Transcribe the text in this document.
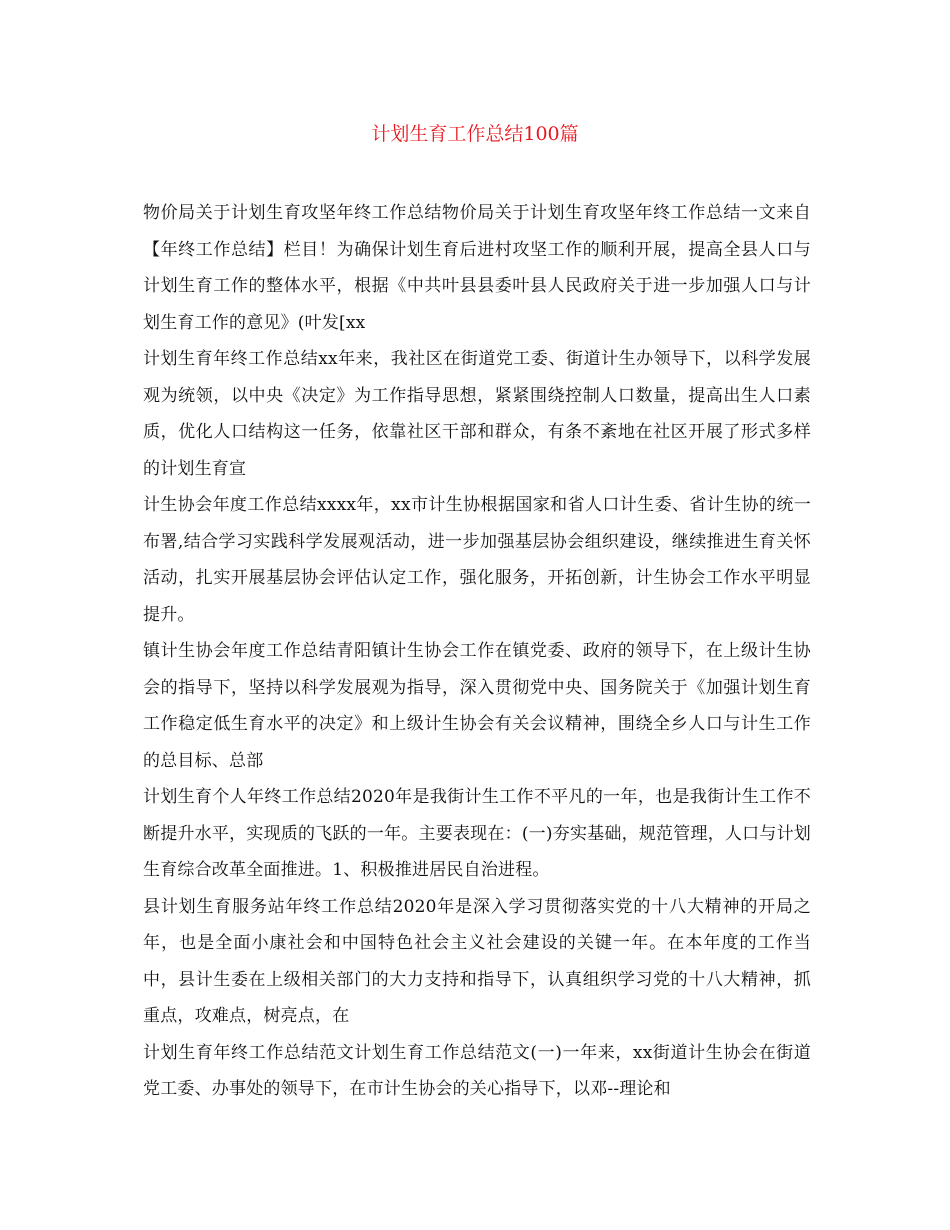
计划生育工作总结100篇

物价局关于计划生育攻坚年终工作总结物价局关于计划生育攻坚年终工作总结一文来自【年终工作总结】栏目！为确保计划生育后进村攻坚工作的顺利开展，提高全县人口与计划生育工作的整体水平，根据《中共叶县县委叶县人民政府关于进一步加强人口与计划生育工作的意见》(叶发[xx

计划生育年终工作总结xx年来，我社区在街道党工委、街道计生办领导下，以科学发展观为统领，以中央《决定》为工作指导思想，紧紧围绕控制人口数量，提高出生人口素质，优化人口结构这一任务，依靠社区干部和群众，有条不紊地在社区开展了形式多样的计划生育宣

计生协会年度工作总结xxxx年，xx市计生协根据国家和省人口计生委、省计生协的统一布署,结合学习实践科学发展观活动，进一步加强基层协会组织建设，继续推进生育关怀活动，扎实开展基层协会评估认定工作，强化服务，开拓创新，计生协会工作水平明显提升。

镇计生协会年度工作总结青阳镇计生协会工作在镇党委、政府的领导下，在上级计生协会的指导下，坚持以科学发展观为指导，深入贯彻党中央、国务院关于《加强计划生育工作稳定低生育水平的决定》和上级计生协会有关会议精神，围绕全乡人口与计生工作的总目标、总部

计划生育个人年终工作总结2020年是我街计生工作不平凡的一年，也是我街计生工作不断提升水平，实现质的飞跃的一年。主要表现在：(一)夯实基础，规范管理，人口与计划生育综合改革全面推进。1、积极推进居民自治进程。

县计划生育服务站年终工作总结2020年是深入学习贯彻落实党的十八大精神的开局之年，也是全面小康社会和中国特色社会主义社会建设的关键一年。在本年度的工作当中，县计生委在上级相关部门的大力支持和指导下，认真组织学习党的十八大精神，抓重点，攻难点，树亮点，在

计划生育年终工作总结范文计划生育工作总结范文(一)一年来，xx街道计生协会在街道党工委、办事处的领导下，在市计生协会的关心指导下，以邓--理论和
